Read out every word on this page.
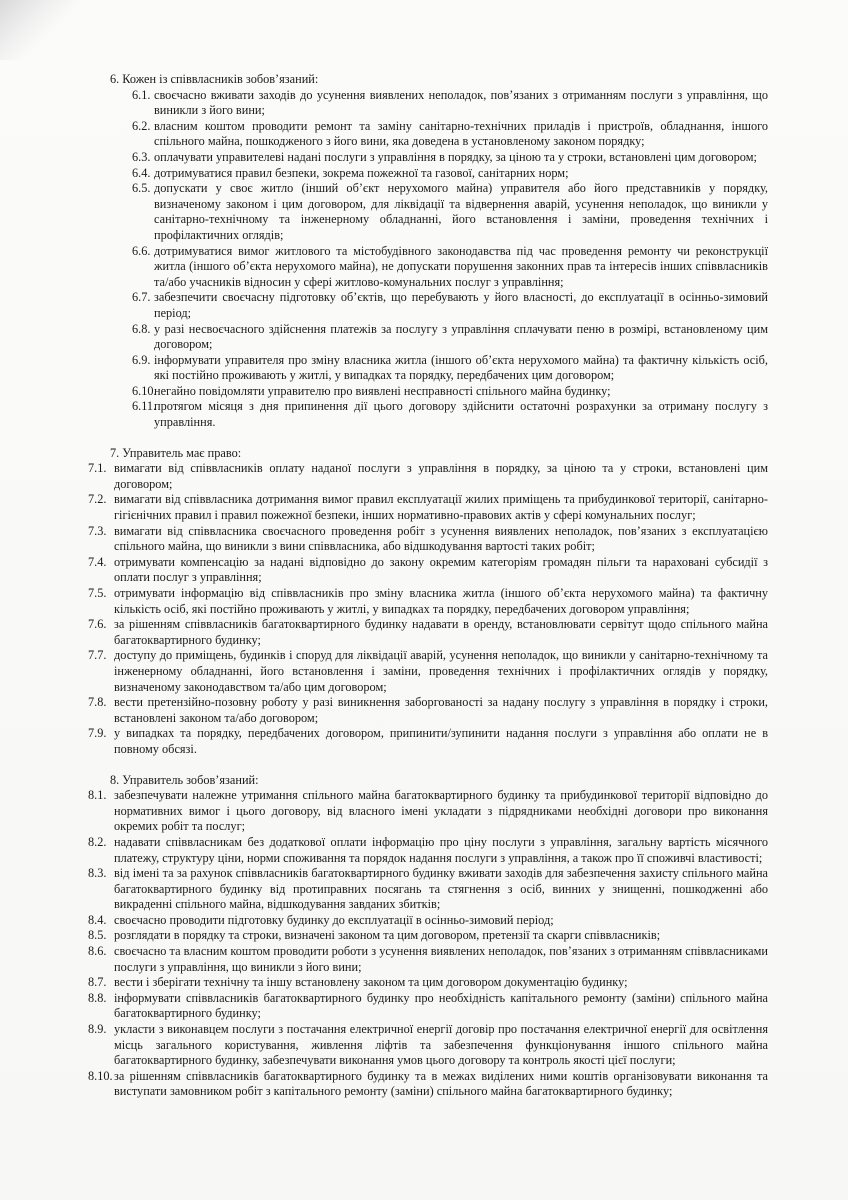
6. Кожен із співвласників зобов’язаний:

6.1. своєчасно вживати заходів до усунення виявлених неполадок, пов’язаних з отриманням послуги з управління, що виникли з його вини;
6.2. власним коштом проводити ремонт та заміну санітарно-технічних приладів і пристроїв, обладнання, іншого спільного майна, пошкодженого з його вини, яка доведена в установленому законом порядку;
6.3. оплачувати управителеві надані послуги з управління в порядку, за ціною та у строки, встановлені цим договором;
6.4. дотримуватися правил безпеки, зокрема пожежної та газової, санітарних норм;
6.5. допускати у своє житло (інший об’єкт нерухомого майна) управителя або його представників у порядку, визначеному законом і цим договором, для ліквідації та відвернення аварій, усунення неполадок, що виникли у санітарно-технічному та інженерному обладнанні, його встановлення і заміни, проведення технічних і профілактичних оглядів;
6.6. дотримуватися вимог житлового та містобудівного законодавства під час проведення ремонту чи реконструкції житла (іншого об’єкта нерухомого майна), не допускати порушення законних прав та інтересів інших співвласників та/або учасників відносин у сфері житлово-комунальних послуг з управління;
6.7. забезпечити своєчасну підготовку об’єктів, що перебувають у його власності, до експлуатації в осінньо-зимовий період;
6.8. у разі несвоєчасного здійснення платежів за послугу з управління сплачувати пеню в розмірі, встановленому цим договором;
6.9. інформувати управителя про зміну власника житла (іншого об’єкта нерухомого майна) та фактичну кількість осіб, які постійно проживають у житлі, у випадках та порядку, передбачених цим договором;
6.10.
негайно повідомляти управителю про виявлені несправності спільного майна будинку;
6.11.
протягом місяця з дня припинення дії цього договору здійснити остаточні розрахунки за отриману послугу з управління.

7. Управитель має право:

7.1. вимагати від співвласників оплату наданої послуги з управління в порядку, за ціною та у строки, встановлені цим договором;
7.2. вимагати від співвласника дотримання вимог правил експлуатації жилих приміщень та прибудинкової території, санітарно-гігієнічних правил і правил пожежної безпеки, інших нормативно-правових актів у сфері комунальних послуг;
7.3. вимагати від співвласника своєчасного проведення робіт з усунення виявлених неполадок, пов’язаних з експлуатацією спільного майна, що виникли з вини співвласника, або відшкодування вартості таких робіт;
7.4. отримувати компенсацію за надані відповідно до закону окремим категоріям громадян пільги та нараховані субсидії з оплати послуг з управління;
7.5. отримувати інформацію від співвласників про зміну власника житла (іншого об’єкта нерухомого майна) та фактичну кількість осіб, які постійно проживають у житлі, у випадках та порядку, передбачених договором управління;
7.6. за рішенням співвласників багатоквартирного будинку надавати в оренду, встановлювати сервітут щодо спільного майна багатоквартирного будинку;
7.7. доступу до приміщень, будинків і споруд для ліквідації аварій, усунення неполадок, що виникли у санітарно-технічному та інженерному обладнанні, його встановлення і заміни, проведення технічних і профілактичних оглядів у порядку, визначеному законодавством та/або цим договором;
7.8. вести претензійно-позовну роботу у разі виникнення заборгованості за надану послугу з управління в порядку і строки, встановлені законом та/або договором;
7.9. у випадках та порядку, передбачених договором, припинити/зупинити надання послуги з управління або оплати не в повному обсязі.

8. Управитель зобов’язаний:

8.1. забезпечувати належне утримання спільного майна багатоквартирного будинку та прибудинкової території відповідно до нормативних вимог і цього договору, від власного імені укладати з підрядниками необхідні договори про виконання окремих робіт та послуг;
8.2. надавати співвласникам без додаткової оплати інформацію про ціну послуги з управління, загальну вартість місячного платежу, структуру ціни, норми споживання та порядок надання послуги з управління, а також про її споживчі властивості;
8.3. від імені та за рахунок співвласників багатоквартирного будинку вживати заходів для забезпечення захисту спільного майна багатоквартирного будинку від протиправних посягань та стягнення з осіб, винних у знищенні, пошкодженні або викраденні спільного майна, відшкодування завданих збитків;
8.4. своєчасно проводити підготовку будинку до експлуатації в осінньо-зимовий період;
8.5. розглядати в порядку та строки, визначені законом та цим договором, претензії та скарги співвласників;
8.6. своєчасно та власним коштом проводити роботи з усунення виявлених неполадок, пов’язаних з отриманням співвласниками послуги з управління, що виникли з його вини;
8.7. вести і зберігати технічну та іншу встановлену законом та цим договором документацію будинку;
8.8. інформувати співвласників багатоквартирного будинку про необхідність капітального ремонту (заміни) спільного майна багатоквартирного будинку;
8.9. укласти з виконавцем послуги з постачання електричної енергії договір про постачання електричної енергії для освітлення місць загального користування, живлення ліфтів та забезпечення функціонування іншого спільного майна багатоквартирного будинку, забезпечувати виконання умов цього договору та контроль якості цієї послуги;
8.10. за рішенням співвласників багатоквартирного будинку та в межах виділених ними коштів організовувати виконання та виступати замовником робіт з капітального ремонту (заміни) спільного майна багатоквартирного будинку;
